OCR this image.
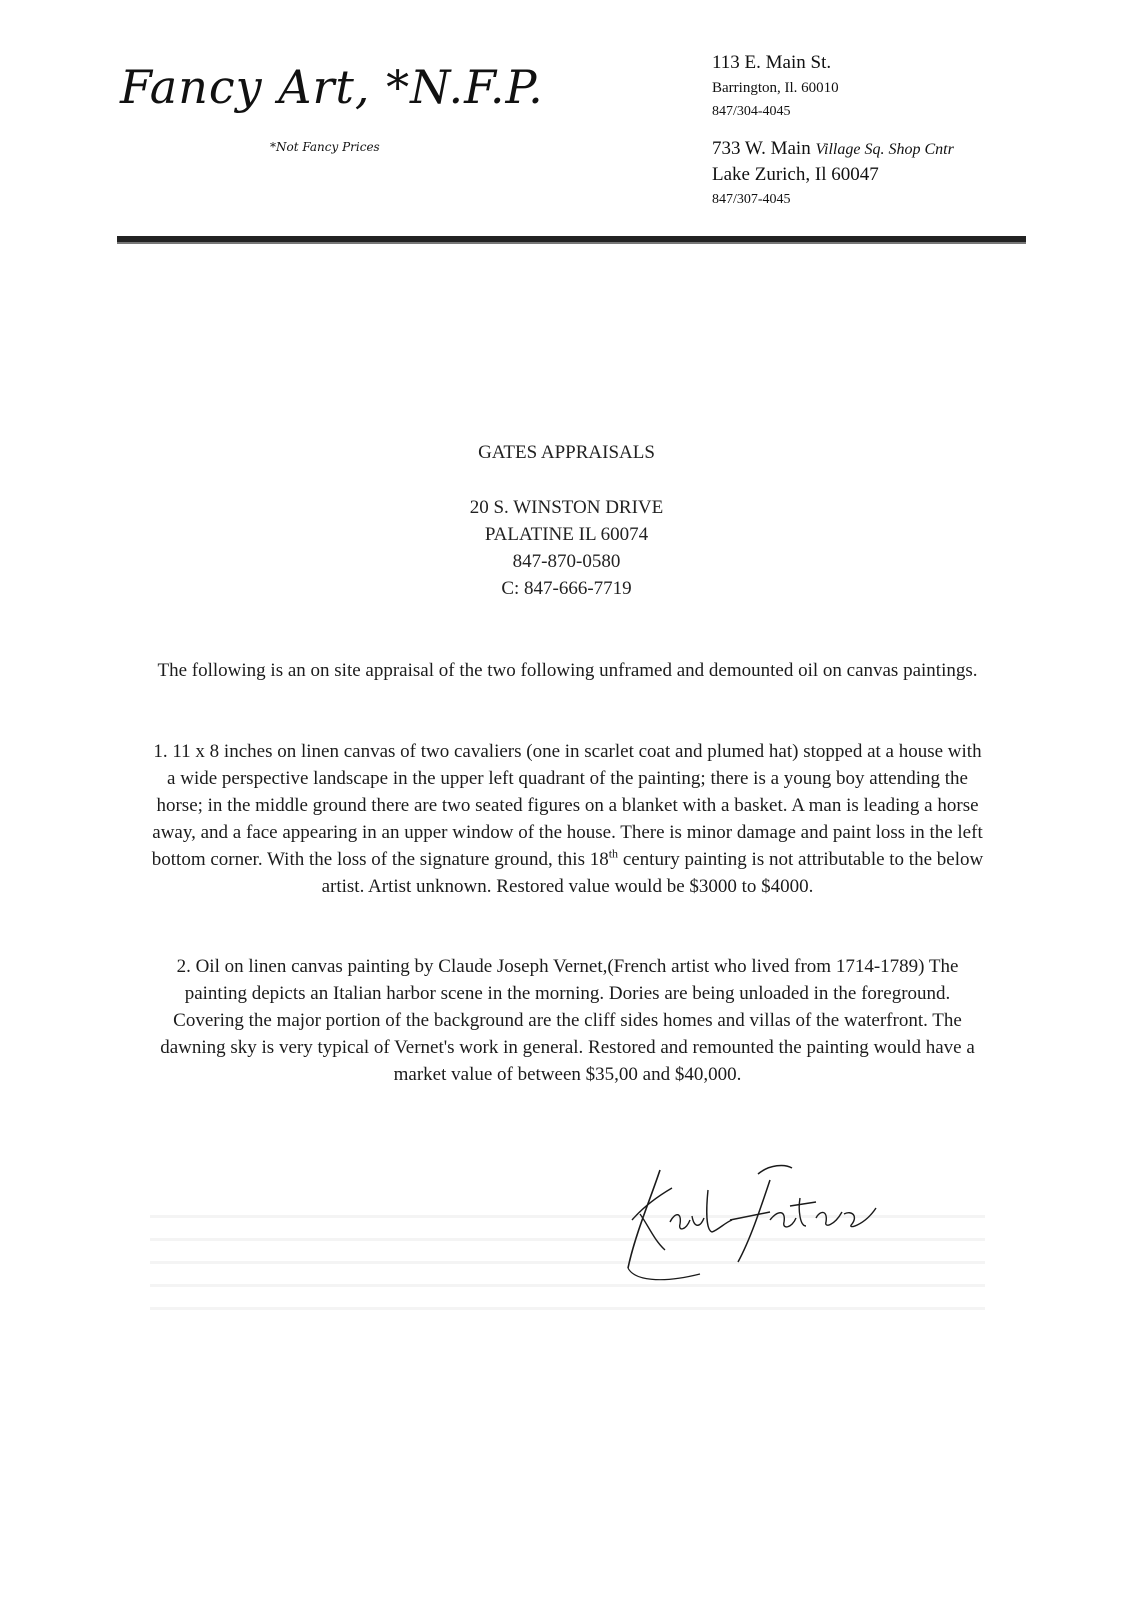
Fancy Art, *N.F.P.
*Not Fancy Prices
113 E. Main St.
Barrington, Il. 60010
847/304-4045
733 W. Main Village Sq. Shop Cntr
Lake Zurich, Il 60047
847/307-4045
GATES APPRAISALS
20 S. WINSTON DRIVE
PALATINE IL 60074
847-870-0580
C: 847-666-7719
The following is an on site appraisal of the two following unframed and demounted oil on canvas paintings.
1. 11 x 8 inches on linen canvas of two cavaliers (one in scarlet coat and plumed hat) stopped at a house with a wide perspective landscape in the upper left quadrant of the painting; there is a young boy attending the horse; in the middle ground there are two seated figures on a blanket with a basket. A man is leading a horse away, and a face appearing in an upper window of the house. There is minor damage and paint loss in the left bottom corner. With the loss of the signature ground, this 18th century painting is not attributable to the below artist. Artist unknown. Restored value would be $3000 to $4000.
2. Oil on linen canvas painting by Claude Joseph Vernet,(French artist who lived from 1714-1789) The painting depicts an Italian harbor scene in the morning. Dories are being unloaded in the foreground. Covering the major portion of the background are the cliff sides homes and villas of the waterfront. The dawning sky is very typical of Vernet's work in general. Restored and remounted the painting would have a market value of between $35,00 and $40,000.
